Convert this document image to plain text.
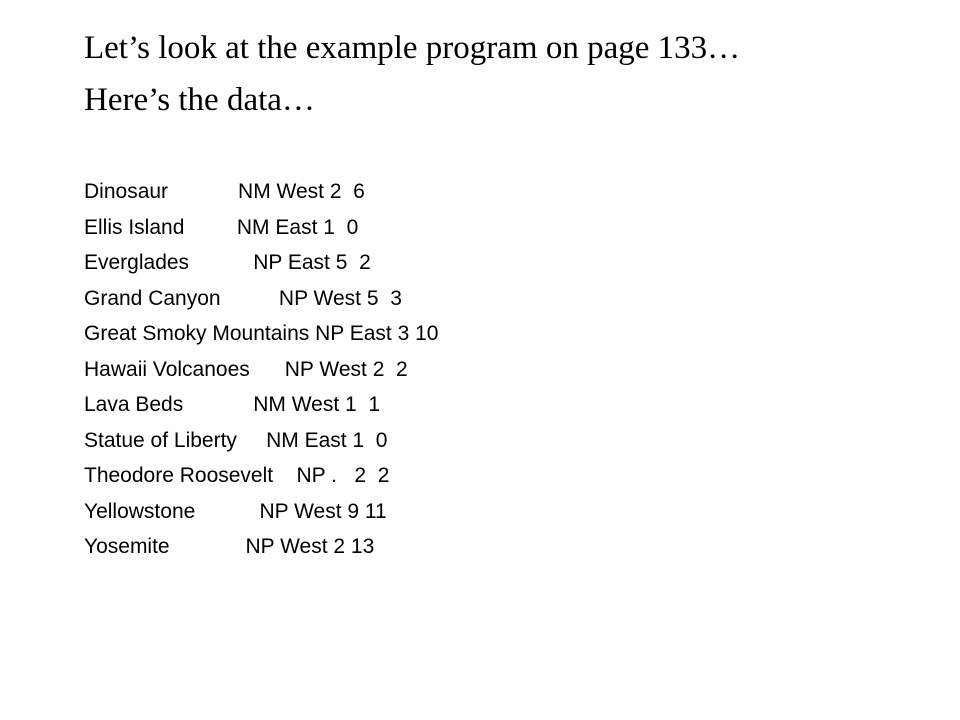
Let’s look at the example program on page 133…
Here’s the data…
Dinosaur            NM West 2  6
Ellis Island         NM East 1  0
Everglades           NP East 5  2
Grand Canyon          NP West 5  3
Great Smoky Mountains NP East 3 10
Hawaii Volcanoes      NP West 2  2
Lava Beds            NM West 1  1
Statue of Liberty     NM East 1  0
Theodore Roosevelt    NP .   2  2
Yellowstone           NP West 9 11
Yosemite             NP West 2 13
